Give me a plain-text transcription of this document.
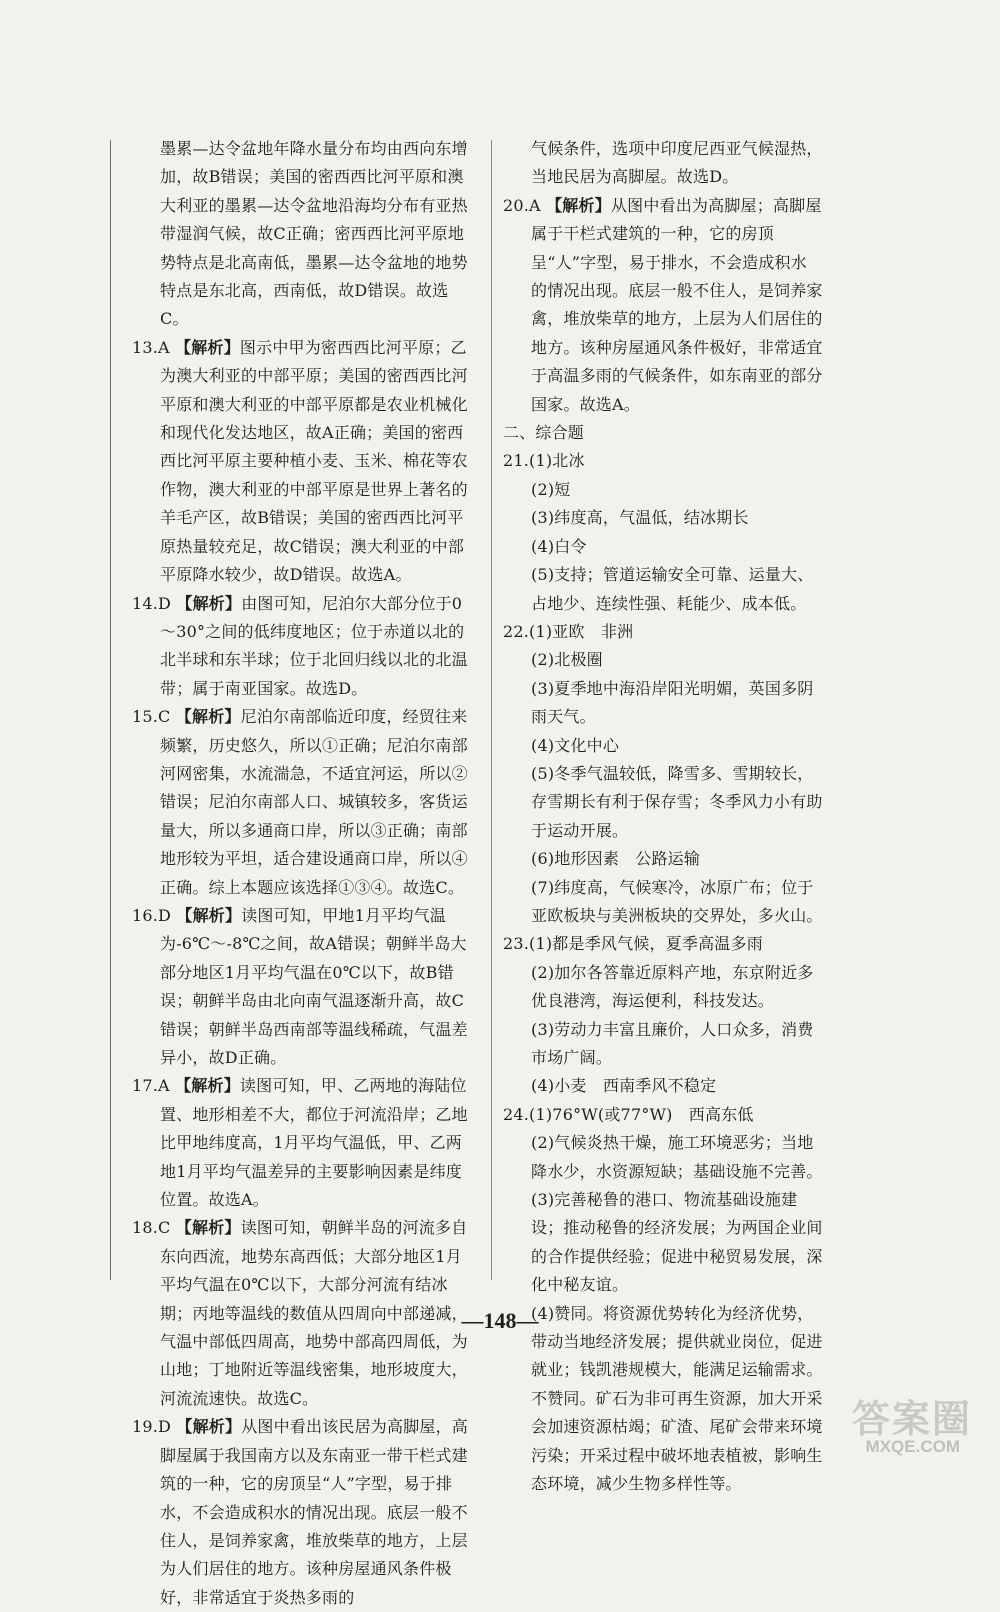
墨累—达令盆地年降水量分布均由西向东增加，故B错误；美国的密西西比河平原和澳大利亚的墨累—达令盆地沿海均分布有亚热带湿润气候，故C正确；密西西比河平原地势特点是北高南低，墨累—达令盆地的地势特点是东北高，西南低，故D错误。故选C。

13.A 【解析】图示中甲为密西西比河平原；乙为澳大利亚的中部平原；美国的密西西比河平原和澳大利亚的中部平原都是农业机械化和现代化发达地区，故A正确；美国的密西西比河平原主要种植小麦、玉米、棉花等农作物，澳大利亚的中部平原是世界上著名的羊毛产区，故B错误；美国的密西西比河平原热量较充足，故C错误；澳大利亚的中部平原降水较少，故D错误。故选A。

14.D 【解析】由图可知，尼泊尔大部分位于0～30°之间的低纬度地区；位于赤道以北的北半球和东半球；位于北回归线以北的北温带；属于南亚国家。故选D。

15.C 【解析】尼泊尔南部临近印度，经贸往来频繁，历史悠久，所以①正确；尼泊尔南部河网密集，水流湍急，不适宜河运，所以②错误；尼泊尔南部人口、城镇较多，客货运量大，所以多通商口岸，所以③正确；南部地形较为平坦，适合建设通商口岸，所以④正确。综上本题应该选择①③④。故选C。

16.D 【解析】读图可知，甲地1月平均气温为-6℃～-8℃之间，故A错误；朝鲜半岛大部分地区1月平均气温在0℃以下，故B错误；朝鲜半岛由北向南气温逐渐升高，故C错误；朝鲜半岛西南部等温线稀疏，气温差异小，故D正确。

17.A 【解析】读图可知，甲、乙两地的海陆位置、地形相差不大，都位于河流沿岸；乙地比甲地纬度高，1月平均气温低，甲、乙两地1月平均气温差异的主要影响因素是纬度位置。故选A。

18.C 【解析】读图可知，朝鲜半岛的河流多自东向西流，地势东高西低；大部分地区1月平均气温在0℃以下，大部分河流有结冰期；丙地等温线的数值从四周向中部递减，气温中部低四周高，地势中部高四周低，为山地；丁地附近等温线密集，地形坡度大，河流流速快。故选C。

19.D 【解析】从图中看出该民居为高脚屋，高脚屋属于我国南方以及东南亚一带干栏式建筑的一种，它的房顶呈“人”字型，易于排水，不会造成积水的情况出现。底层一般不住人，是饲养家禽，堆放柴草的地方，上层为人们居住的地方。该种房屋通风条件极好，非常适宜于炎热多雨的

气候条件，选项中印度尼西亚气候湿热，当地民居为高脚屋。故选D。

20.A 【解析】从图中看出为高脚屋；高脚屋属于干栏式建筑的一种，它的房顶呈“人”字型，易于排水，不会造成积水的情况出现。底层一般不住人，是饲养家禽，堆放柴草的地方，上层为人们居住的地方。该种房屋通风条件极好，非常适宜于高温多雨的气候条件，如东南亚的部分国家。故选A。

二、综合题

21.(1)北冰

(2)短

(3)纬度高，气温低，结冰期长

(4)白令

(5)支持；管道运输安全可靠、运量大、占地少、连续性强、耗能少、成本低。

22.(1)亚欧　非洲

(2)北极圈

(3)夏季地中海沿岸阳光明媚，英国多阴雨天气。

(4)文化中心

(5)冬季气温较低，降雪多、雪期较长，存雪期长有利于保存雪；冬季风力小有助于运动开展。

(6)地形因素　公路运输

(7)纬度高，气候寒冷，冰原广布；位于亚欧板块与美洲板块的交界处，多火山。

23.(1)都是季风气候，夏季高温多雨

(2)加尔各答靠近原料产地，东京附近多优良港湾，海运便利，科技发达。

(3)劳动力丰富且廉价，人口众多，消费市场广阔。

(4)小麦　西南季风不稳定

24.(1)76°W(或77°W)　西高东低

(2)气候炎热干燥，施工环境恶劣；当地降水少，水资源短缺；基础设施不完善。

(3)完善秘鲁的港口、物流基础设施建设；推动秘鲁的经济发展；为两国企业间的合作提供经验；促进中秘贸易发展，深化中秘友谊。

(4)赞同。将资源优势转化为经济优势，带动当地经济发展；提供就业岗位，促进就业；钱凯港规模大，能满足运输需求。

不赞同。矿石为非可再生资源，加大开采会加速资源枯竭；矿渣、尾矿会带来环境污染；开采过程中破坏地表植被，影响生态环境，减少生物多样性等。

—148—
答案圈
MXQE.COM
